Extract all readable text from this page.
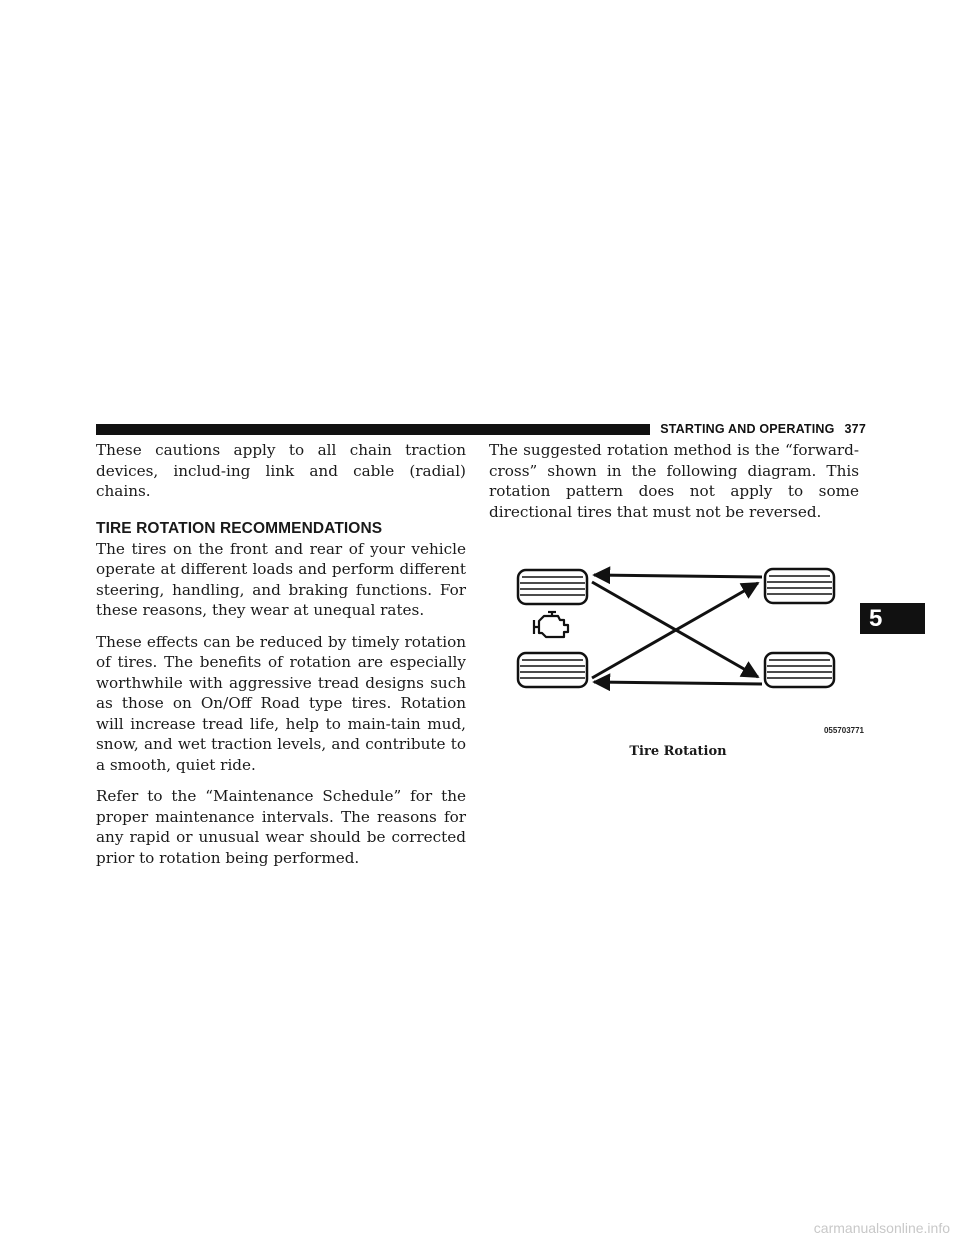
STARTING AND OPERATING 377

These cautions apply to all chain traction devices, includ-ing link and cable (radial) chains.

TIRE ROTATION RECOMMENDATIONS

The tires on the front and rear of your vehicle operate at different loads and perform different steering, handling, and braking functions. For these reasons, they wear at unequal rates.

These effects can be reduced by timely rotation of tires. The benefits of rotation are especially worthwhile with aggressive tread designs such as those on On/Off Road type tires. Rotation will increase tread life, help to main-tain mud, snow, and wet traction levels, and contribute to a smooth, quiet ride.

Refer to the “Maintenance Schedule” for the proper maintenance intervals. The reasons for any rapid or unusual wear should be corrected prior to rotation being performed.

The suggested rotation method is the “forward-cross” shown in the following diagram. This rotation pattern does not apply to some directional tires that must not be reversed.

055703771
Tire Rotation
5
carmanualsonline.info
